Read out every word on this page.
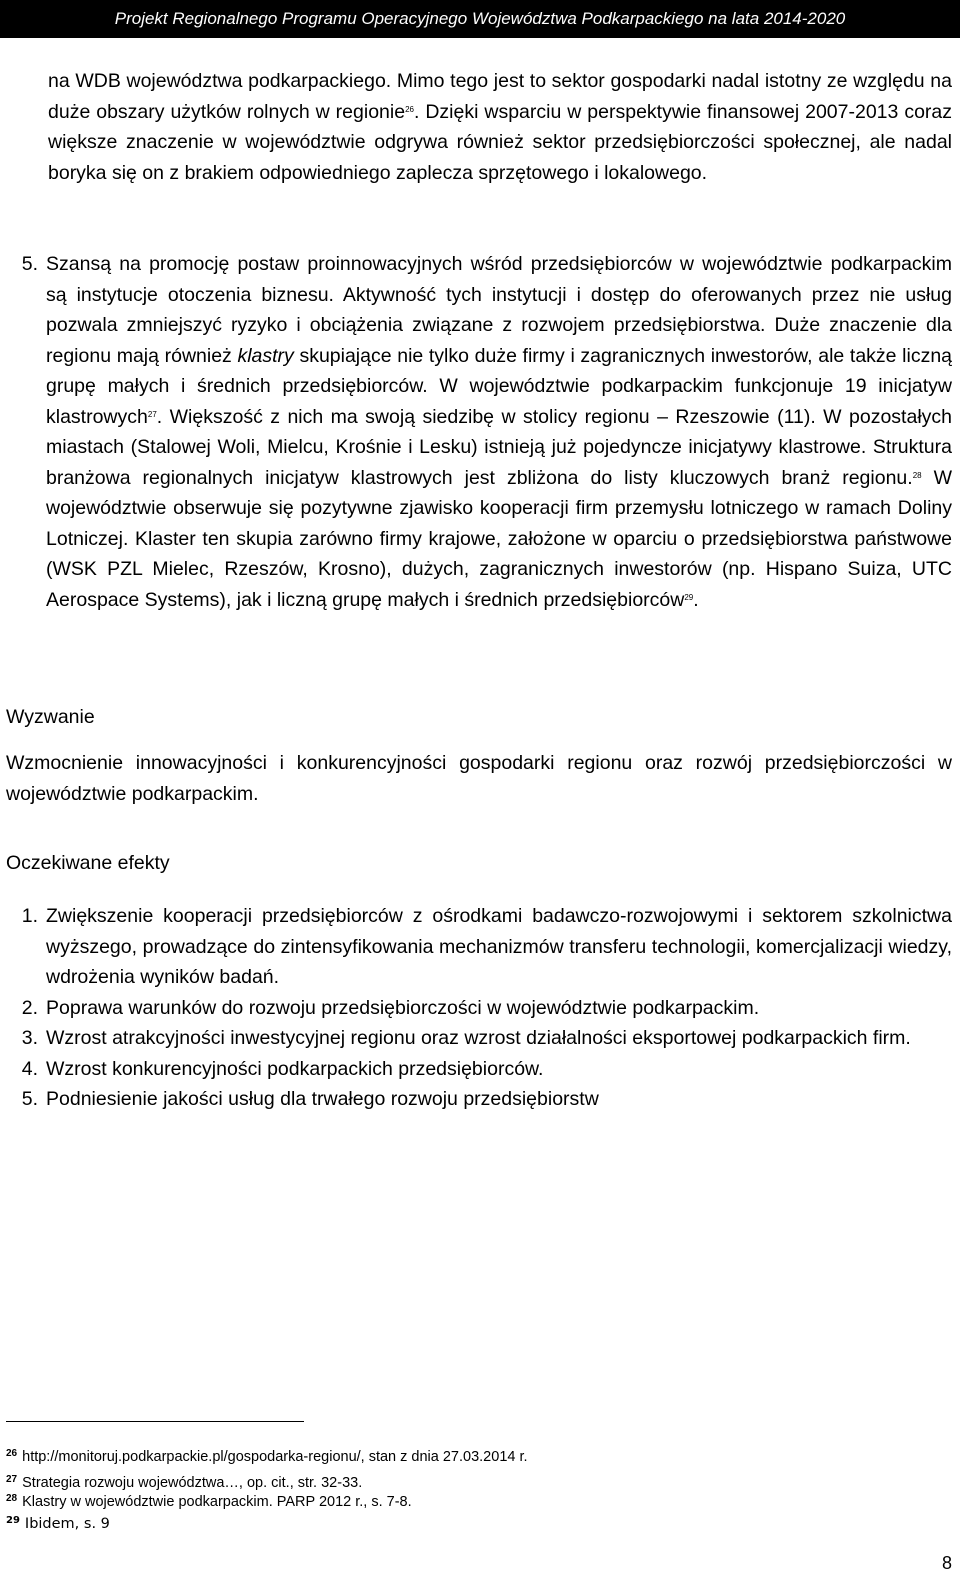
Projekt Regionalnego Programu Operacyjnego Województwa Podkarpackiego na lata 2014-2020

na WDB województwa podkarpackiego. Mimo tego jest to sektor gospodarki nadal istotny ze względu na duże obszary użytków rolnych w regionie$^{26}$. Dzięki wsparciu w perspektywie finansowej 2007-2013 coraz większe znaczenie w województwie odgrywa również sektor przedsiębiorczości społecznej, ale nadal boryka się on z brakiem odpowiedniego zaplecza sprzętowego i lokalowego.

5. Szansą na promocję postaw proinnowacyjnych wśród przedsiębiorców w województwie podkarpackim są instytucje otoczenia biznesu. Aktywność tych instytucji i dostęp do oferowanych przez nie usług pozwala zmniejszyć ryzyko i obciążenia związane z rozwojem przedsiębiorstwa. Duże znaczenie dla regionu mają również klastry skupiające nie tylko duże firmy i zagranicznych inwestorów, ale także liczną grupę małych i średnich przedsiębiorców. W województwie podkarpackim funkcjonuje 19 inicjatyw klastrowych$^{27}$. Większość z nich ma swoją siedzibę w stolicy regionu – Rzeszowie (11). W pozostałych miastach (Stalowej Woli, Mielcu, Krośnie i Lesku) istnieją już pojedyncze inicjatywy klastrowe. Struktura branżowa regionalnych inicjatyw klastrowych jest zbliżona do listy kluczowych branż regionu.$^{28}$ W województwie obserwuje się pozytywne zjawisko kooperacji firm przemysłu lotniczego w ramach Doliny Lotniczej. Klaster ten skupia zarówno firmy krajowe, założone w oparciu o przedsiębiorstwa państwowe (WSK PZL Mielec, Rzeszów, Krosno), dużych, zagranicznych inwestorów (np. Hispano Suiza, UTC Aerospace Systems), jak i liczną grupę małych i średnich przedsiębiorców$^{29}$.

Wyzwanie

Wzmocnienie innowacyjności i konkurencyjności gospodarki regionu oraz rozwój przedsiębiorczości w województwie podkarpackim.

Oczekiwane efekty

1. Zwiększenie kooperacji przedsiębiorców z ośrodkami badawczo-rozwojowymi i sektorem szkolnictwa wyższego, prowadzące do zintensyfikowania mechanizmów transferu technologii, komercjalizacji wiedzy, wdrożenia wyników badań.
2. Poprawa warunków do rozwoju przedsiębiorczości w województwie podkarpackim.
3. Wzrost atrakcyjności inwestycyjnej regionu oraz wzrost działalności eksportowej podkarpackich firm.
4. Wzrost konkurencyjności podkarpackich przedsiębiorców.
5. Podniesienie jakości usług dla trwałego rozwoju przedsiębiorstw
$^{26}$ http://monitoruj.podkarpackie.pl/gospodarka-regionu/, stan z dnia 27.03.2014 r.
$^{27}$ Strategia rozwoju województwa…, op. cit., str. 32-33.
$^{28}$ Klastry w województwie podkarpackim. PARP 2012 r., s. 7-8.
$^{29}$ Ibidem, s. 9
8
